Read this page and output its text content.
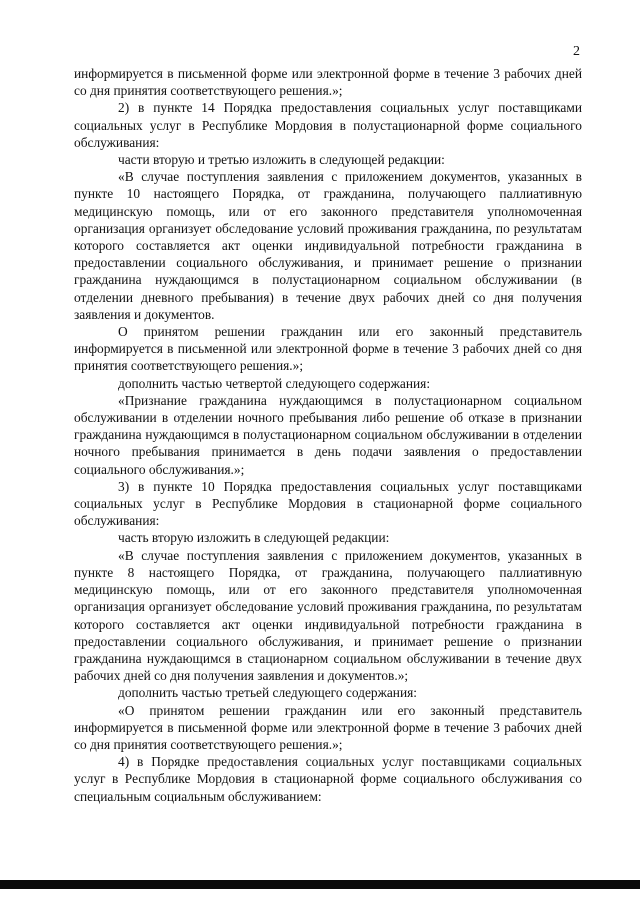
2

информируется в письменной форме или электронной форме в течение 3 рабочих дней со дня принятия соответствующего решения.»;

2) в пункте 14 Порядка предоставления социальных услуг поставщиками социальных услуг в Республике Мордовия в полустационарной форме социального обслуживания:

части вторую и третью изложить в следующей редакции:

«В случае поступления заявления с приложением документов, указанных в пункте 10 настоящего Порядка, от гражданина, получающего паллиативную медицинскую помощь, или от его законного представителя уполномоченная организация организует обследование условий проживания гражданина, по результатам которого составляется акт оценки индивидуальной потребности гражданина в предоставлении социального обслуживания, и принимает решение о признании гражданина нуждающимся в полустационарном социальном обслуживании (в отделении дневного пребывания) в течение двух рабочих дней со дня получения заявления и документов.

О принятом решении гражданин или его законный представитель информируется в письменной или электронной форме в течение 3 рабочих дней со дня принятия соответствующего решения.»;

дополнить частью четвертой следующего содержания:

«Признание гражданина нуждающимся в полустационарном социальном обслуживании в отделении ночного пребывания либо решение об отказе в признании гражданина нуждающимся в полустационарном социальном обслуживании в отделении ночного пребывания принимается в день подачи заявления о предоставлении социального обслуживания.»;

3) в пункте 10 Порядка предоставления социальных услуг поставщиками социальных услуг в Республике Мордовия в стационарной форме социального обслуживания:

часть вторую изложить в следующей редакции:

«В случае поступления заявления с приложением документов, указанных в пункте 8 настоящего Порядка, от гражданина, получающего паллиативную медицинскую помощь, или от его законного представителя уполномоченная организация организует обследование условий проживания гражданина, по результатам которого составляется акт оценки индивидуальной потребности гражданина в предоставлении социального обслуживания, и принимает решение о признании гражданина нуждающимся в стационарном социальном обслуживании в течение двух рабочих дней со дня получения заявления и документов.»;

дополнить частью третьей следующего содержания:

«О принятом решении гражданин или его законный представитель информируется в письменной форме или электронной форме в течение 3 рабочих дней со дня принятия соответствующего решения.»;

4) в Порядке предоставления социальных услуг поставщиками социальных услуг в Республике Мордовия в стационарной форме социального обслуживания со специальным социальным обслуживанием:
